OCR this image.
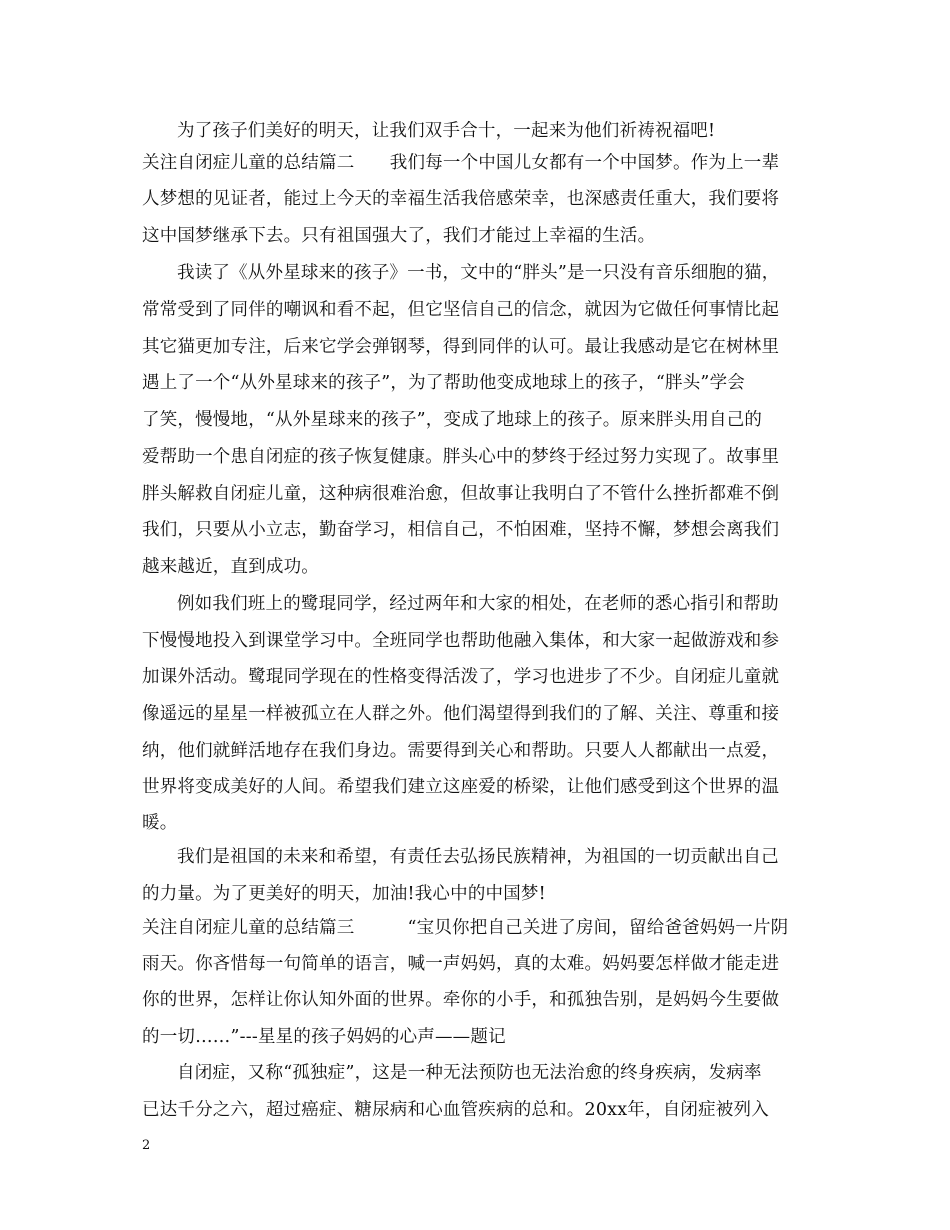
为了孩子们美好的明天，让我们双手合十，一起来为他们祈祷祝福吧!
关注自闭症儿童的总结篇二　　我们每一个中国儿女都有一个中国梦。作为上一辈
人梦想的见证者，能过上今天的幸福生活我倍感荣幸，也深感责任重大，我们要将
这中国梦继承下去。只有祖国强大了，我们才能过上幸福的生活。
我读了《从外星球来的孩子》一书，文中的“胖头”是一只没有音乐细胞的猫，
常常受到了同伴的嘲讽和看不起，但它坚信自己的信念，就因为它做任何事情比起
其它猫更加专注，后来它学会弹钢琴，得到同伴的认可。最让我感动是它在树林里
遇上了一个“从外星球来的孩子”，为了帮助他变成地球上的孩子，“胖头”学会
了笑，慢慢地，“从外星球来的孩子”，变成了地球上的孩子。原来胖头用自己的
爱帮助一个患自闭症的孩子恢复健康。胖头心中的梦终于经过努力实现了。故事里
胖头解救自闭症儿童，这种病很难治愈，但故事让我明白了不管什么挫折都难不倒
我们，只要从小立志，勤奋学习，相信自己，不怕困难，坚持不懈，梦想会离我们
越来越近，直到成功。
例如我们班上的鹭琨同学，经过两年和大家的相处，在老师的悉心指引和帮助
下慢慢地投入到课堂学习中。全班同学也帮助他融入集体，和大家一起做游戏和参
加课外活动。鹭琨同学现在的性格变得活泼了，学习也进步了不少。自闭症儿童就
像遥远的星星一样被孤立在人群之外。他们渴望得到我们的了解、关注、尊重和接
纳，他们就鲜活地存在我们身边。需要得到关心和帮助。只要人人都献出一点爱，
世界将变成美好的人间。希望我们建立这座爱的桥梁，让他们感受到这个世界的温
暖。
我们是祖国的未来和希望，有责任去弘扬民族精神，为祖国的一切贡献出自己
的力量。为了更美好的明天，加油!我心中的中国梦!
关注自闭症儿童的总结篇三　　　“宝贝你把自己关进了房间，留给爸爸妈妈一片阴
雨天。你吝惜每一句简单的语言，喊一声妈妈，真的太难。妈妈要怎样做才能走进
你的世界，怎样让你认知外面的世界。牵你的小手，和孤独告别，是妈妈今生要做
的一切……”---星星的孩子妈妈的心声——题记
自闭症，又称“孤独症”，这是一种无法预防也无法治愈的终身疾病，发病率
已达千分之六，超过癌症、糖尿病和心血管疾病的总和。20xx年，自闭症被列入
2
